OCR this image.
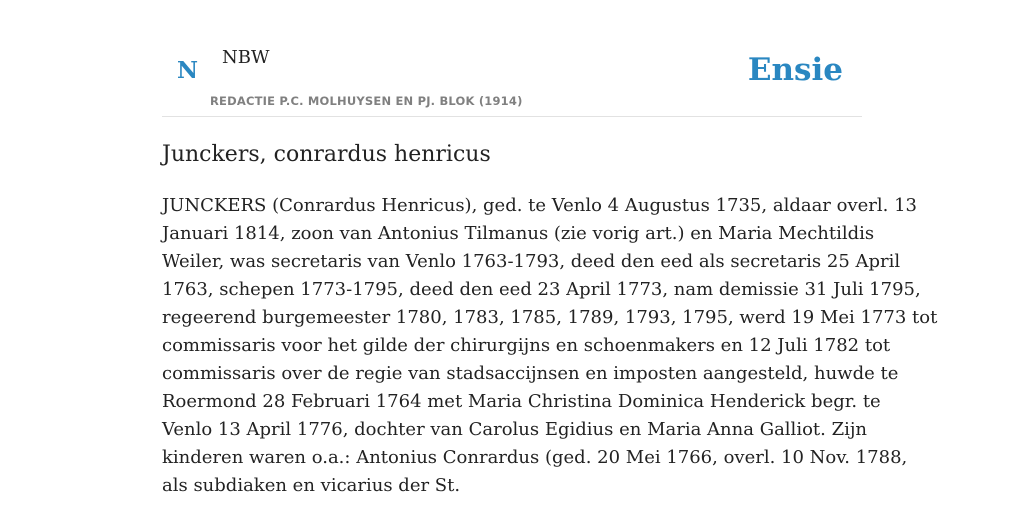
N NBW
REDACTIE P.C. MOLHUYSEN EN PJ. BLOK (1914)
Ensie
Junckers, conrardus henricus
JUNCKERS (Conrardus Henricus), ged. te Venlo 4 Augustus 1735, aldaar overl. 13
Januari 1814, zoon van Antonius Tilmanus (zie vorig art.) en Maria Mechtildis
Weiler, was secretaris van Venlo 1763-1793, deed den eed als secretaris 25 April
1763, schepen 1773-1795, deed den eed 23 April 1773, nam demissie 31 Juli 1795,
regeerend burgemeester 1780, 1783, 1785, 1789, 1793, 1795, werd 19 Mei 1773 tot
commissaris voor het gilde der chirurgijns en schoenmakers en 12 Juli 1782 tot
commissaris over de regie van stadsaccijnsen en imposten aangesteld, huwde te
Roermond 28 Februari 1764 met Maria Christina Dominica Henderick begr. te
Venlo 13 April 1776, dochter van Carolus Egidius en Maria Anna Galliot. Zijn
kinderen waren o.a.: Antonius Conrardus (ged. 20 Mei 1766, overl. 10 Nov. 1788,
als subdiaken en vicarius der St.
